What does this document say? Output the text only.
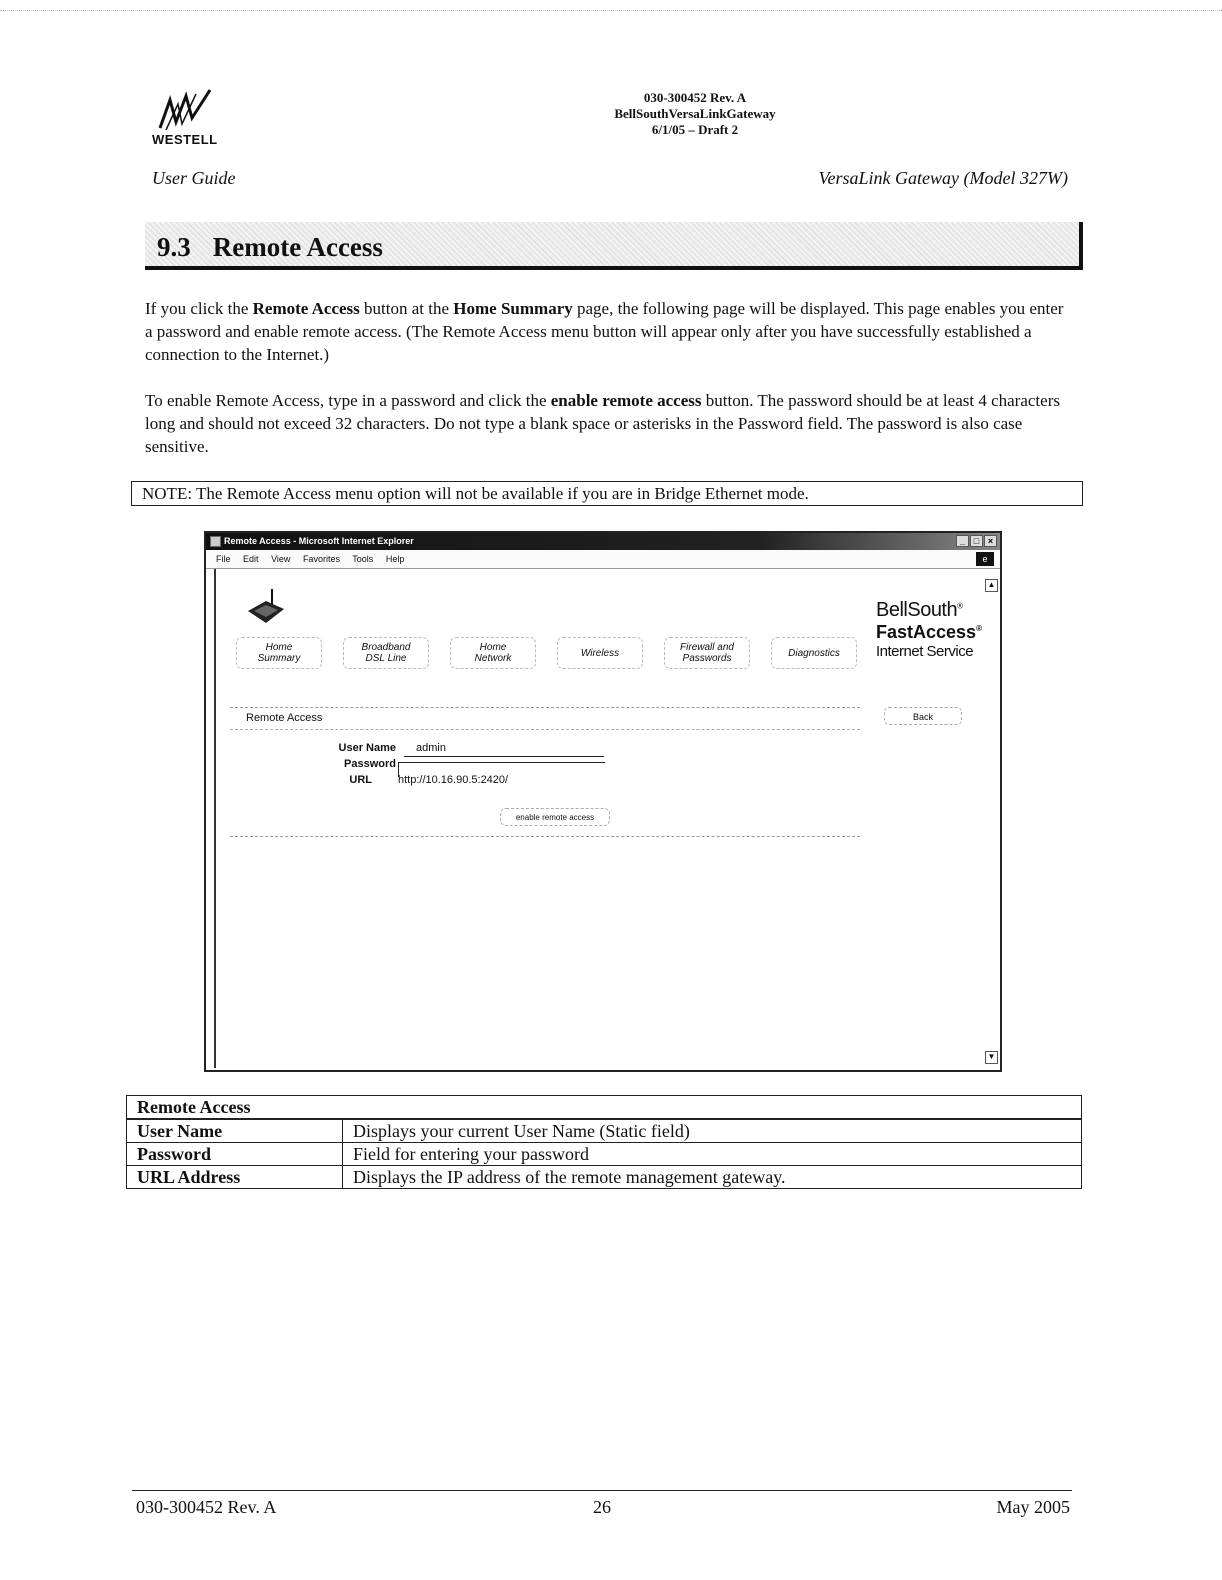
WESTELL
030-300452 Rev. A
BellSouthVersaLinkGateway
6/1/05 – Draft 2
User Guide	VersaLink Gateway (Model 327W)
9.3 Remote Access
If you click the Remote Access button at the Home Summary page, the following page will be displayed. This page enables you enter a password and enable remote access. (The Remote Access menu button will appear only after you have successfully established a connection to the Internet.)
To enable Remote Access, type in a password and click the enable remote access button. The password should be at least 4 characters long and should not exceed 32 characters. Do not type a blank space or asterisks in the Password field. The password is also case sensitive.
NOTE: The Remote Access menu option will not be available if you are in Bridge Ethernet mode.
Remote Access - Microsoft Internet Explorer	_ □ ×
File Edit View Favorites Tools Help	e
▲
▼
Home
Summary
Broadband
DSL Line
Home
Network	Wireless	Firewall and
Passwords	Diagnostics
BellSouth®
FastAccess®
Internet Service
Remote Access
User Name admin
Password
URL http://10.16.90.5:2420/
enable remote access
Back
Remote Access	
User Name	Displays your current User Name (Static field)
Password	Field for entering your password
URL Address	Displays the IP address of the remote management gateway.
030-300452 Rev. A	26	May 2005
